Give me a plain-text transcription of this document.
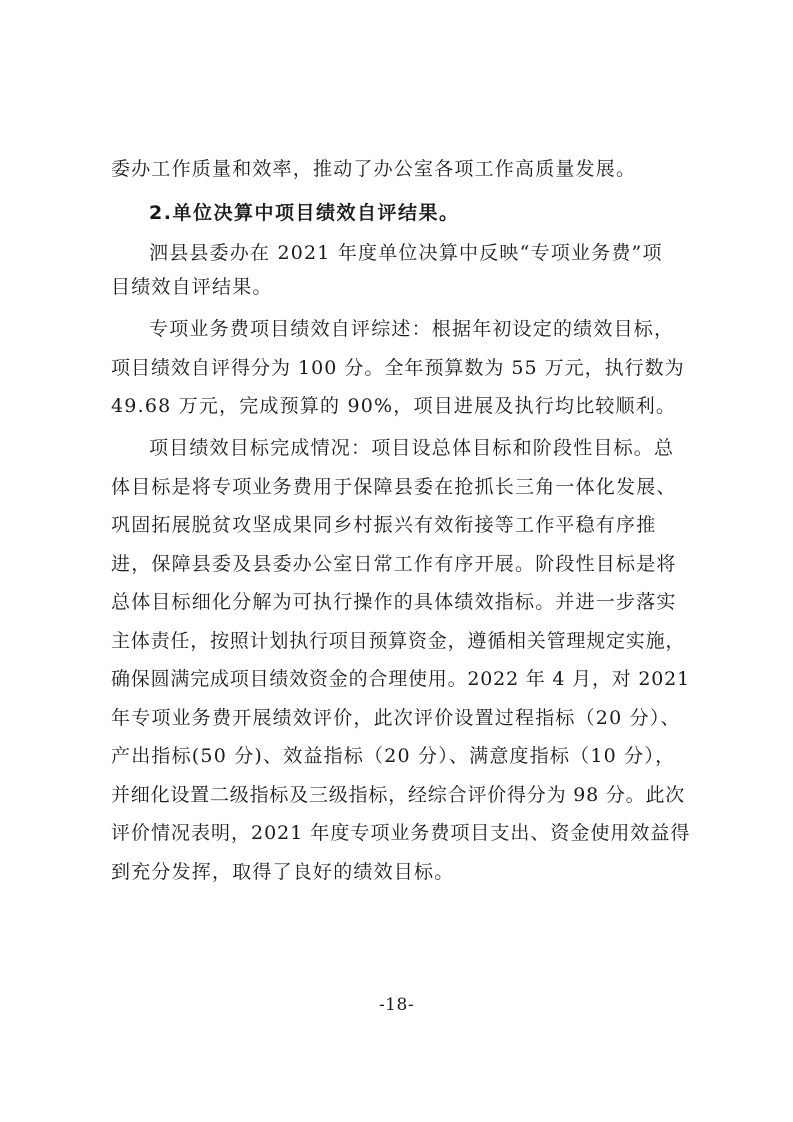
委办工作质量和效率，推动了办公室各项工作高质量发展。
2.单位决算中项目绩效自评结果。
泗县县委办在 2021 年度单位决算中反映“专项业务费”项
目绩效自评结果。
专项业务费项目绩效自评综述：根据年初设定的绩效目标，
项目绩效自评得分为 100 分。全年预算数为 55 万元，执行数为
49.68 万元，完成预算的 90%，项目进展及执行均比较顺利。
项目绩效目标完成情况：项目设总体目标和阶段性目标。总
体目标是将专项业务费用于保障县委在抢抓长三角一体化发展、
巩固拓展脱贫攻坚成果同乡村振兴有效衔接等工作平稳有序推
进，保障县委及县委办公室日常工作有序开展。阶段性目标是将
总体目标细化分解为可执行操作的具体绩效指标。并进一步落实
主体责任，按照计划执行项目预算资金，遵循相关管理规定实施，
确保圆满完成项目绩效资金的合理使用。2022 年 4 月，对 2021
年专项业务费开展绩效评价，此次评价设置过程指标（20 分）、
产出指标(50 分)、效益指标（20 分）、满意度指标（10 分），
并细化设置二级指标及三级指标，经综合评价得分为 98 分。此次
评价情况表明，2021 年度专项业务费项目支出、资金使用效益得
到充分发挥，取得了良好的绩效目标。
-18-
